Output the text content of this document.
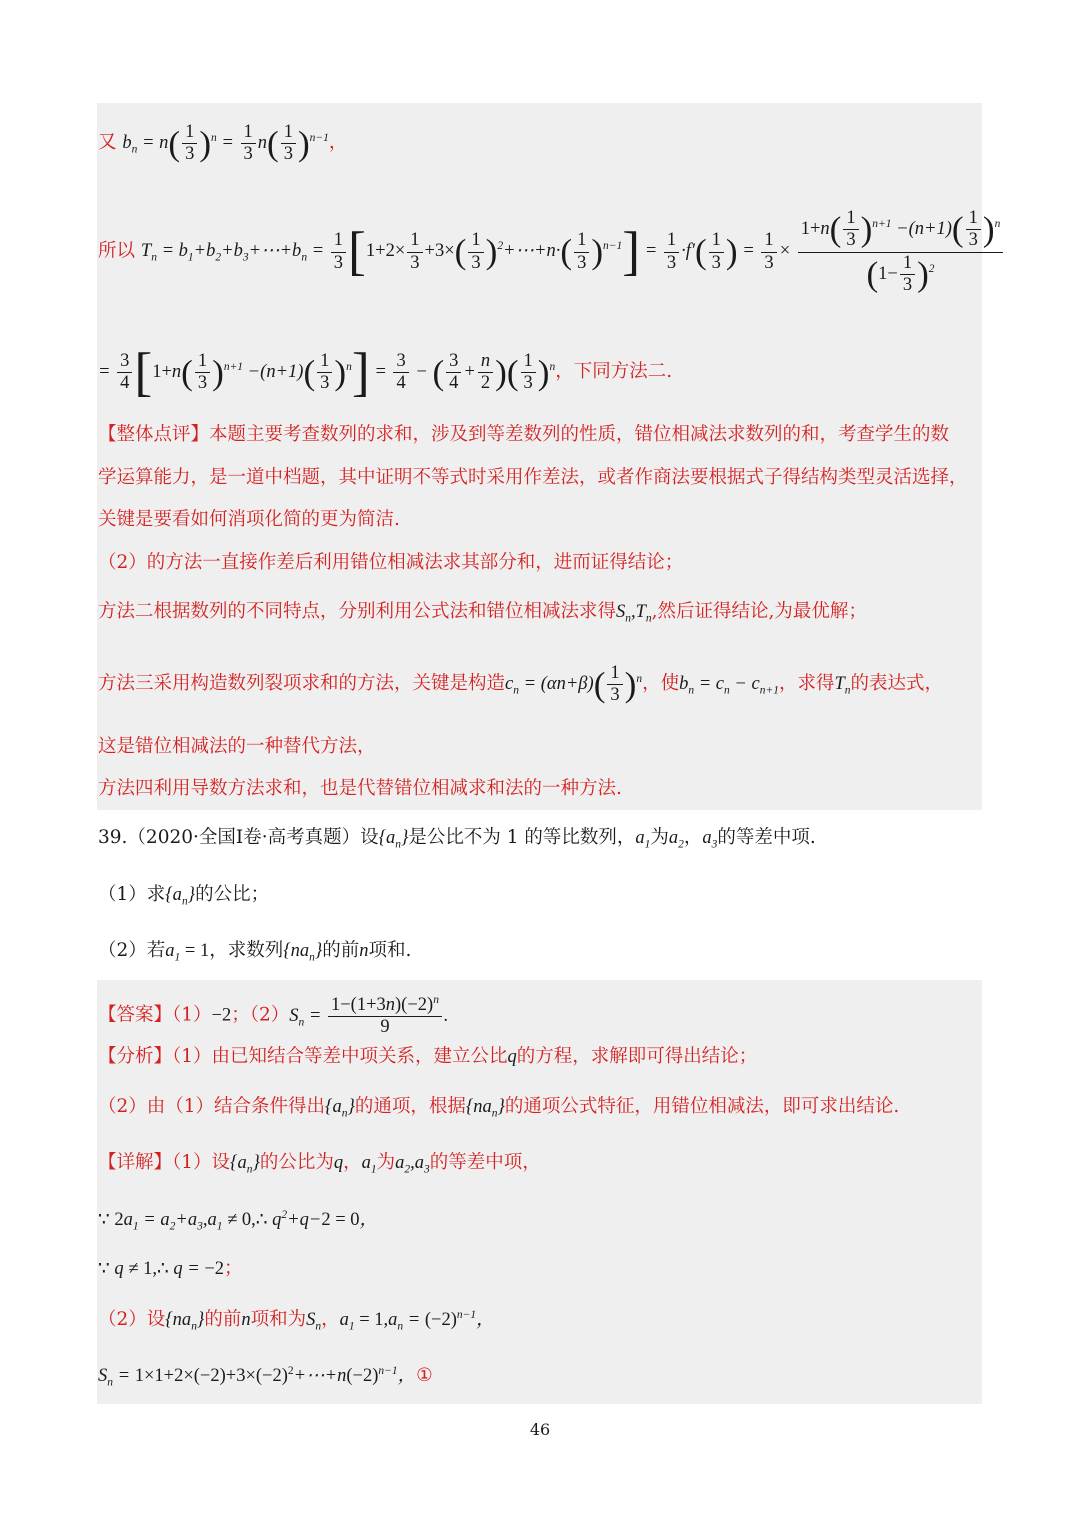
又 $b_n = n( \frac{1}{3} )^n = \frac{1}{3} n( \frac{1}{3} )^{n-1}$，
所以 $T_n$ = $b_1+b_2+b_3+\cdots+b_n = \frac{1}{3} [1+2\times \frac{1}{3} +3\times( \frac{1}{3}$ )$^2+\cdots+n\cdot( \frac{1}{3} )^{n-1}] = \frac{1}{3} \cdot f'( \frac{1}{3}$ ) = $\frac{1}{3} \times \frac{1+n( \frac{1}{3} )^{n+1} -(n+1)( \frac{1}{3} )^n}{(1- \frac{1}{3} )^2}$
= $\frac{3}{4} [1+n( \frac{1}{3} )^{n+1} -(n+1)( \frac{1}{3} )^n] = \frac{3}{4}$ − ( $\frac{3}{4} + \frac{n}{2}$ )( $\frac{1}{3} )^n$，下同方法二.
【整体点评】本题主要考查数列的求和，涉及到等差数列的性质，错位相减法求数列的和，考查学生的数
学运算能力，是一道中档题，其中证明不等式时采用作差法，或者作商法要根据式子得结构类型灵活选择，
关键是要看如何消项化简的更为简洁.
（2）的方法一直接作差后利用错位相减法求其部分和，进而证得结论；
方法二根据数列的不同特点，分别利用公式法和错位相减法求得$S_n,T_n$,然后证得结论,为最优解；
方法三采用构造数列裂项求和的方法，关键是构造$c_n = (\alpha n+\beta)( \frac{1}{3} )^n$，使$b_n = c_n - c_{n+1}$，求得$T_n$的表达式，
这是错位相减法的一种替代方法，
方法四利用导数方法求和，也是代替错位相减求和法的一种方法.
39.（2020·全国I卷·高考真题）设$\{a_n\}$是公比不为 1 的等比数列，$a_1$为$a_2$，$a_3$的等差中项.
（1）求$\{a_n\}$的公比；
（2）若$a_1 = 1$，求数列$\{na_n\}$的前n项和.
【答案】（1）−2；$(2)S_n = \frac{1-(1+3n)(-2)^n}{9}$ .
【分析】（1）由已知结合等差中项关系，建立公比q的方程，求解即可得出结论；
（2）由（1）结合条件得出$\{a_n\}$的通项，根据$\{na_n\}$的通项公式特征，用错位相减法，即可求出结论.
【详解】（1）设$\{a_n\}$的公比为q，$a_1$为$a_2,a_3$的等差中项，
∵ $2a_1 = a_2+a_3,a_1$ ≠ 0,∴ $q^2+q-2 = 0$，
∵ q ≠ 1,∴ q = −2；
（2）设$\{na_n\}$的前n项和为$S_n$，$a_1 = 1,a_n = (-2)^{n-1}$，
$S_n$ = $1\times 1+2\times(-2)+3\times(-2)^2+\cdots+n(-2)^{n-1}$，①
46
